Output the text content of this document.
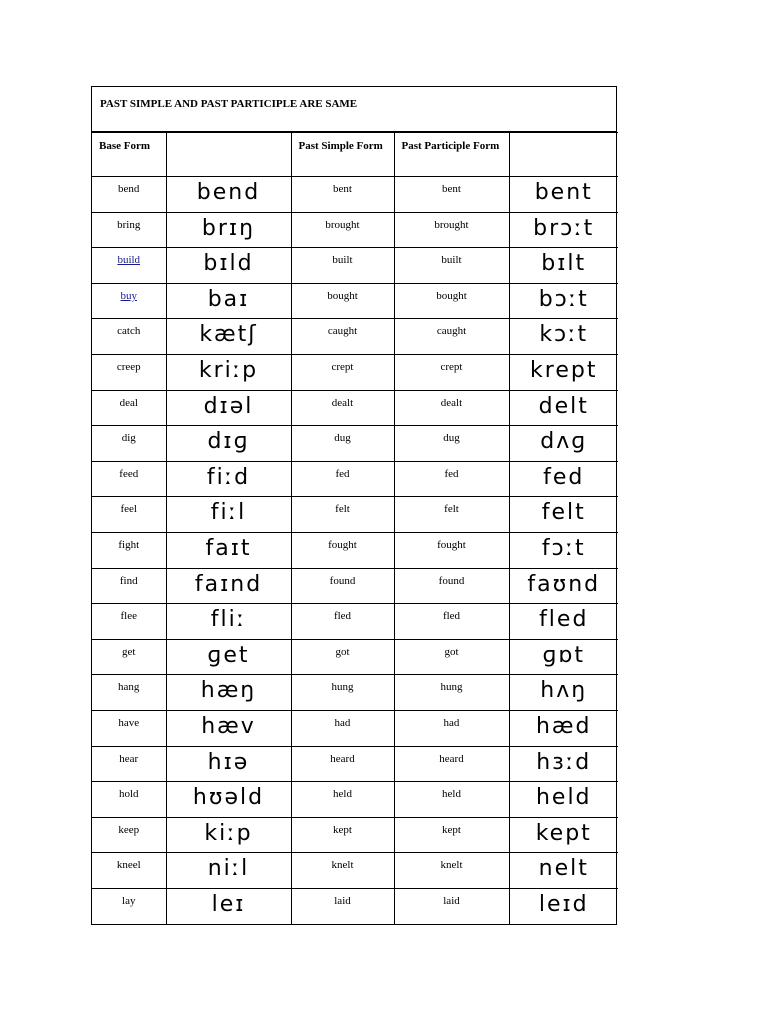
PAST SIMPLE AND PAST PARTICIPLE ARE SAME
Base Form		Past Simple Form	Past Participle Form	
bend	bend	bent	bent	bent
bring	brɪŋ	brought	brought	brɔːt
build	bɪld	built	built	bɪlt
buy	baɪ	bought	bought	bɔːt
catch	kætʃ	caught	caught	kɔːt
creep	kriːp	crept	crept	krept
deal	dɪəl	dealt	dealt	delt
dig	dɪɡ	dug	dug	dʌɡ
feed	fiːd	fed	fed	fed
feel	fiːl	felt	felt	felt
fight	faɪt	fought	fought	fɔːt
find	faɪnd	found	found	faʊnd
flee	fliː	fled	fled	fled
get	ɡet	got	got	ɡɒt
hang	hæŋ	hung	hung	hʌŋ
have	hæv	had	had	hæd
hear	hɪə	heard	heard	hɜːd
hold	hʊəld	held	held	held
keep	kiːp	kept	kept	kept
kneel	niːl	knelt	knelt	nelt
lay	leɪ	laid	laid	leɪd
